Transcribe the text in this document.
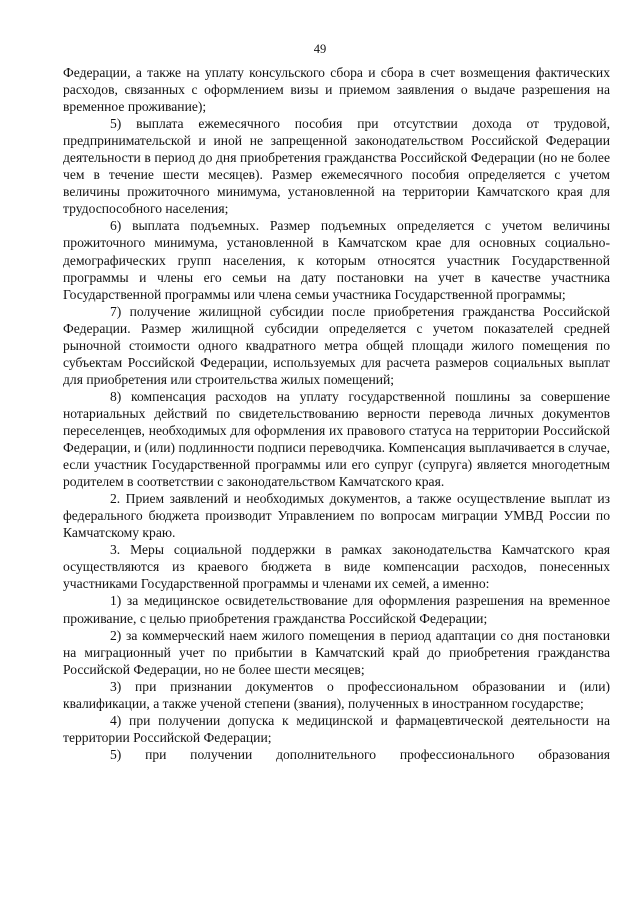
49

Федерации, а также на уплату консульского сбора и сбора в счет возмещения фактических расходов, связанных с оформлением визы и приемом заявления о выдаче разрешения на временное проживание);

5) выплата ежемесячного пособия при отсутствии дохода от трудовой, предпринимательской и иной не запрещенной законодательством Российской Федерации деятельности в период до дня приобретения гражданства Российской Федерации (но не более чем в течение шести месяцев). Размер ежемесячного пособия определяется с учетом величины прожиточного минимума, установленной на территории Камчатского края для трудоспособного населения;

6) выплата подъемных. Размер подъемных определяется с учетом величины прожиточного минимума, установленной в Камчатском крае для основных социально-демографических групп населения, к которым относятся участник Государственной программы и члены его семьи на дату постановки на учет в качестве участника Государственной программы или члена семьи участника Государственной программы;

7) получение жилищной субсидии после приобретения гражданства Российской Федерации. Размер жилищной субсидии определяется с учетом показателей средней рыночной стоимости одного квадратного метра общей площади жилого помещения по субъектам Российской Федерации, используемых для расчета размеров социальных выплат для приобретения или строительства жилых помещений;

8) компенсация расходов на уплату государственной пошлины за совершение нотариальных действий по свидетельствованию верности перевода личных документов переселенцев, необходимых для оформления их правового статуса на территории Российской Федерации, и (или) подлинности подписи переводчика. Компенсация выплачивается в случае, если участник Государственной программы или его супруг (супруга) является многодетным родителем в соответствии с законодательством Камчатского края.

2. Прием заявлений и необходимых документов, а также осуществление выплат из федерального бюджета производит Управлением по вопросам миграции УМВД России по Камчатскому краю.

3. Меры социальной поддержки в рамках законодательства Камчатского края осуществляются из краевого бюджета в виде компенсации расходов, понесенных участниками Государственной программы и членами их семей, а именно:

1) за медицинское освидетельствование для оформления разрешения на временное проживание, с целью приобретения гражданства Российской Федерации;

2) за коммерческий наем жилого помещения в период адаптации со дня постановки на миграционный учет по прибытии в Камчатский край до приобретения гражданства Российской Федерации, но не более шести месяцев;

3) при признании документов о профессиональном образовании и (или) квалификации, а также ученой степени (звания), полученных в иностранном государстве;

4) при получении допуска к медицинской и фармацевтической деятельности на территории Российской Федерации;

5) при получении дополнительного профессионального образования
